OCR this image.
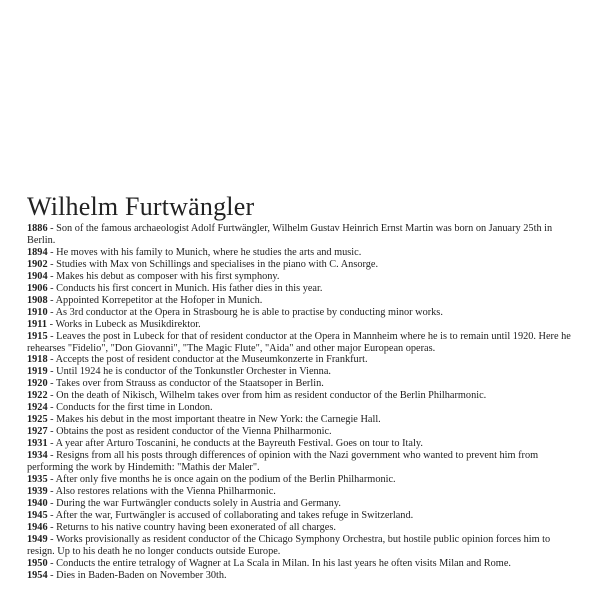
Wilhelm Furtwängler

1886 - Son of the famous archaeologist Adolf Furtwängler, Wilhelm Gustav Heinrich Ernst Martin was born on January 25th in Berlin.

1894 - He moves with his family to Munich, where he studies the arts and music.

1902 - Studies with Max von Schillings and specialises in the piano with C. Ansorge.

1904 - Makes his debut as composer with his first symphony.

1906 - Conducts his first concert in Munich. His father dies in this year.

1908 - Appointed Korrepetitor at the Hofoper in Munich.

1910 - As 3rd conductor at the Opera in Strasbourg he is able to practise by conducting minor works.

1911 - Works in Lubeck as Musikdirektor.

1915 - Leaves the post in Lubeck for that of resident conductor at the Opera in Mannheim where he is to remain until 1920. Here he rehearses "Fidelio", "Don Giovanni", "The Magic Flute", "Aida" and other major European operas.

1918 - Accepts the post of resident conductor at the Museumkonzerte in Frankfurt.

1919 - Until 1924 he is conductor of the Tonkunstler Orchester in Vienna.

1920 - Takes over from Strauss as conductor of the Staatsoper in Berlin.

1922 - On the death of Nikisch, Wilhelm takes over from him as resident conductor of the Berlin Philharmonic.

1924 - Conducts for the first time in London.

1925 - Makes his debut in the most important theatre in New York: the Carnegie Hall.

1927 - Obtains the post as resident conductor of the Vienna Philharmonic.

1931 - A year after Arturo Toscanini, he conducts at the Bayreuth Festival. Goes on tour to Italy.

1934 - Resigns from all his posts through differences of opinion with the Nazi government who wanted to prevent him from performing the work by Hindemith: "Mathis der Maler".

1935 - After only five months he is once again on the podium of the Berlin Philharmonic.

1939 - Also restores relations with the Vienna Philharmonic.

1940 - During the war Furtwängler conducts solely in Austria and Germany.

1945 - After the war, Furtwängler is accused of collaborating and takes refuge in Switzerland.

1946 - Returns to his native country having been exonerated of all charges.

1949 - Works provisionally as resident conductor of the Chicago Symphony Orchestra, but hostile public opinion forces him to resign. Up to his death he no longer conducts outside Europe.

1950 - Conducts the entire tetralogy of Wagner at La Scala in Milan. In his last years he often visits Milan and Rome.

1954 - Dies in Baden-Baden on November 30th.
